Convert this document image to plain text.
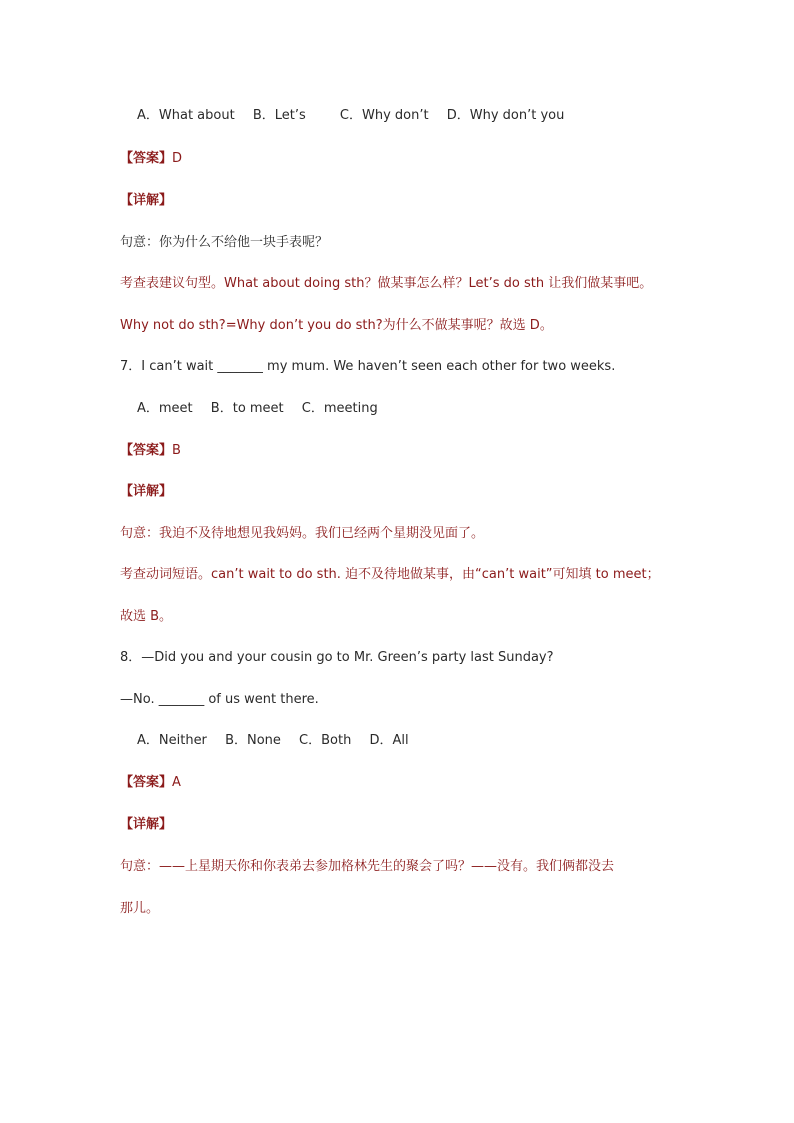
A．What about B．Let’s	C．Why don’t D．Why don’t you
【答案】D
【详解】
句意：你为什么不给他一块手表呢？
考查表建议句型。What about doing sth？做某事怎么样？Let’s do sth 让我们做某事吧。
Why not do sth?=Why don’t you do sth?为什么不做某事呢？故选 D。
7．I can’t wait _______ my mum. We haven’t seen each other for two weeks.
A．meet B．to meet C．meeting
【答案】B
【详解】
句意：我迫不及待地想见我妈妈。我们已经两个星期没见面了。
考查动词短语。can’t wait to do sth. 迫不及待地做某事，由“can’t wait”可知填 to meet；
故选 B。
8．—Did you and your cousin go to Mr. Green’s party last Sunday?
—No. _______ of us went there.
A．Neither B．None C．Both D．All
【答案】A
【详解】
句意：——上星期天你和你表弟去参加格林先生的聚会了吗？——没有。我们俩都没去
那儿。
